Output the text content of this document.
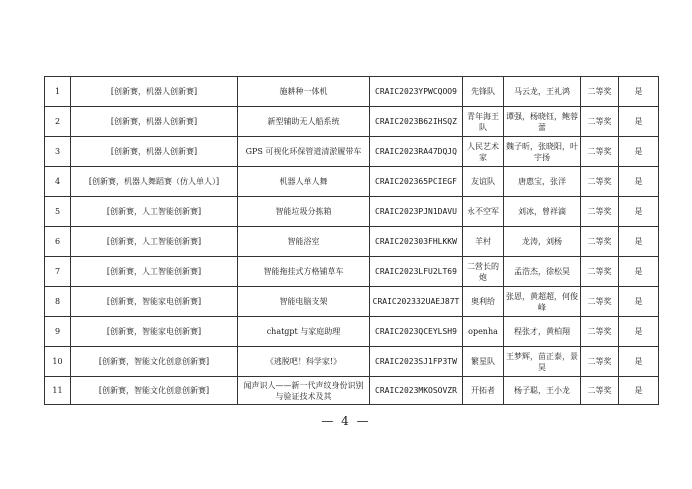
1	[创新赛，机器人创新赛]	施耕种一体机	CRAIC2023YPWCQOO9	先锋队	马云龙，王礼鸿	二等奖	是
2	[创新赛，机器人创新赛]	新型辅助无人船系统	CRAIC2023B62IHSQZ	青年海王队	谭强，杨晓钰，鲍蓉蕾	二等奖	是
3	[创新赛，机器人创新赛]	GPS 可视化环保管道清淤履带车	CRAIC2023RA47DQJQ	人民艺术家	魏子昕，张晓阳，叶宇扬	二等奖	是
4	[创新赛，机器人舞蹈赛（仿人单人）]	机器人单人舞	CRAIC202365PCIEGF	友谊队	唐惠宝，张洋	二等奖	是
5	[创新赛，人工智能创新赛]	智能垃圾分拣箱	CRAIC2023PJN1DAVU	永不空军	刘冰，曾祥滴	二等奖	是
6	[创新赛，人工智能创新赛]	智能浴室	CRAIC202303FHLKKW	羊村	龙涛，刘杨	二等奖	是
7	[创新赛，人工智能创新赛]	智能拖挂式方格铺草车	CRAIC2023LFU2LT69	二营长的炮	孟浩杰，徐松昊	二等奖	是
8	[创新赛，智能家电创新赛]	智能电脑支架	CRAIC202332UAEJ87T	奥利给	张恩，黄超超，何俊峰	二等奖	是
9	[创新赛，智能家电创新赛]	chatgpt 与家庭助理	CRAIC2023QCEYLSH9	openha	程张才，黄柏翔	二等奖	是
10	[创新赛，智能文化创意创新赛]	《逃脱吧！科学家!》	CRAIC2023SJ1FP3TW	繁星队	王梦辉，苗正泰，景昊	二等奖	是
11	[创新赛，智能文化创意创新赛]	闻声识人——新一代声纹身份识别与验证技术及其	CRAIC2023MKOSOVZR	开拓者	杨子聪，王小龙	二等奖	是
— 4 —
